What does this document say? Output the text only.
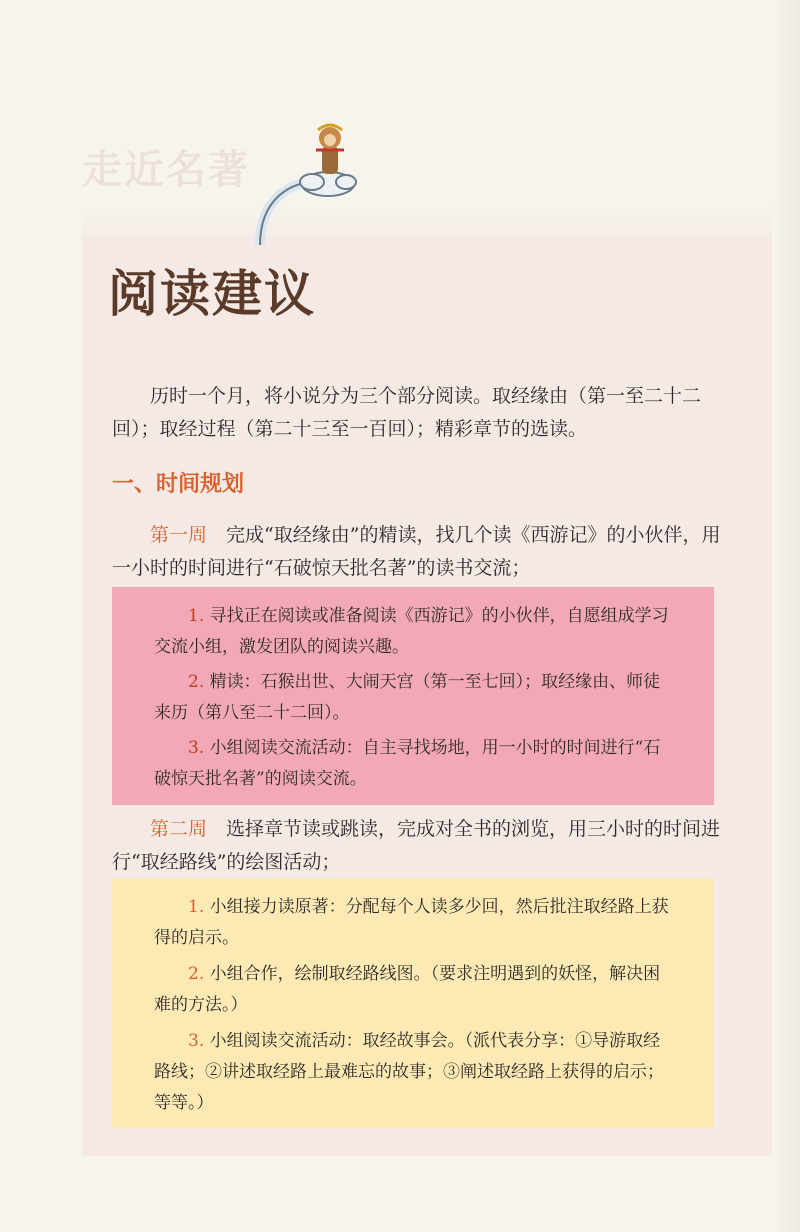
走近名著
阅读建议

历时一个月，将小说分为三个部分阅读。取经缘由（第一至二十二回）；取经过程（第二十三至一百回）；精彩章节的选读。

一、时间规划

第一周　 完成“取经缘由”的精读，找几个读《西游记》的小伙伴，用一小时的时间进行“石破惊天批名著”的读书交流；

1. 寻找正在阅读或准备阅读《西游记》的小伙伴，自愿组成学习交流小组，激发团队的阅读兴趣。

2. 精读：石猴出世、大闹天宫（第一至七回）；取经缘由、师徒来历（第八至二十二回）。

3. 小组阅读交流活动：自主寻找场地，用一小时的时间进行“石破惊天批名著”的阅读交流。

第二周　 选择章节读或跳读，完成对全书的浏览，用三小时的时间进行“取经路线”的绘图活动；

1. 小组接力读原著：分配每个人读多少回，然后批注取经路上获得的启示。

2. 小组合作，绘制取经路线图。（要求注明遇到的妖怪，解决困难的方法。）

3. 小组阅读交流活动：取经故事会。（派代表分享：①导游取经路线；②讲述取经路上最难忘的故事；③阐述取经路上获得的启示；等等。）
